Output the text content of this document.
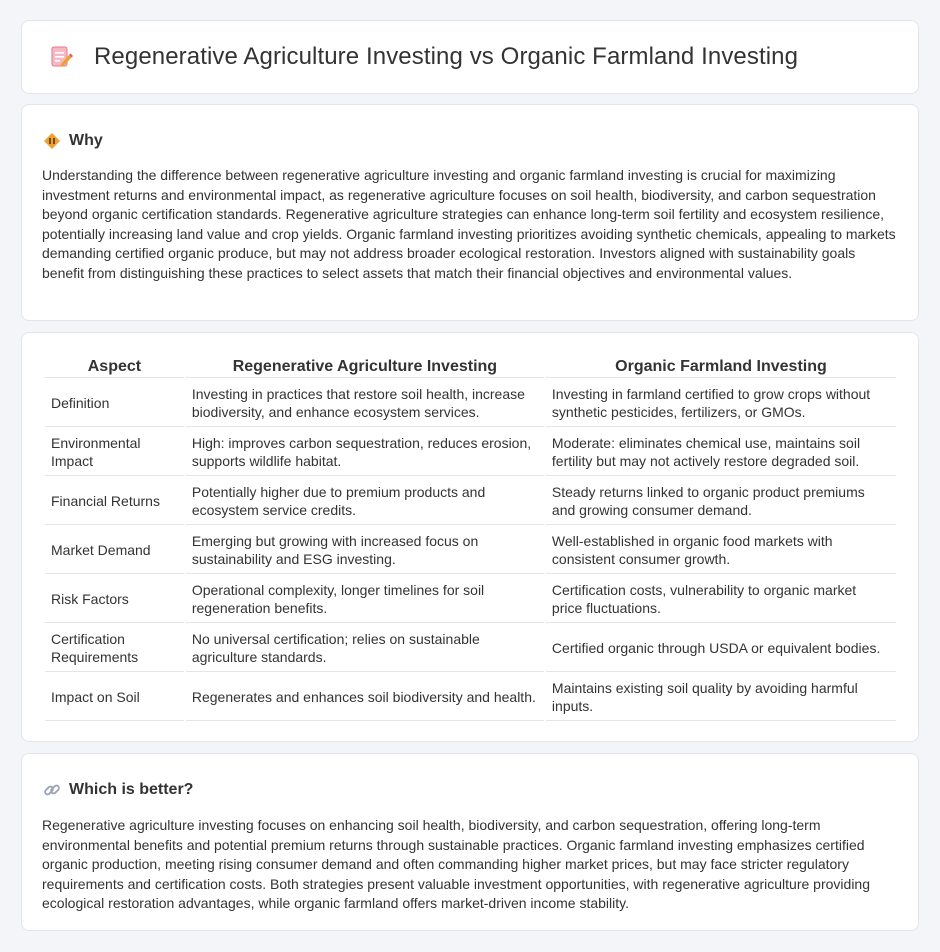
Regenerative Agriculture Investing vs Organic Farmland Investing
Why

Understanding the difference between regenerative agriculture investing and organic farmland investing is crucial for maximizing investment returns and environmental impact, as regenerative agriculture focuses on soil health, biodiversity, and carbon sequestration beyond organic certification standards. Regenerative agriculture strategies can enhance long-term soil fertility and ecosystem resilience, potentially increasing land value and crop yields. Organic farmland investing prioritizes avoiding synthetic chemicals, appealing to markets demanding certified organic produce, but may not address broader ecological restoration. Investors aligned with sustainability goals benefit from distinguishing these practices to select assets that match their financial objectives and environmental values.

Aspect	Regenerative Agriculture Investing	Organic Farmland Investing
Definition	Investing in practices that restore soil health, increase biodiversity, and enhance ecosystem services.	Investing in farmland certified to grow crops without synthetic pesticides, fertilizers, or GMOs.
Environmental Impact	High: improves carbon sequestration, reduces erosion, supports wildlife habitat.	Moderate: eliminates chemical use, maintains soil fertility but may not actively restore degraded soil.
Financial Returns	Potentially higher due to premium products and ecosystem service credits.	Steady returns linked to organic product premiums and growing consumer demand.
Market Demand	Emerging but growing with increased focus on sustainability and ESG investing.	Well-established in organic food markets with consistent consumer growth.
Risk Factors	Operational complexity, longer timelines for soil regeneration benefits.	Certification costs, vulnerability to organic market price fluctuations.
Certification Requirements	No universal certification; relies on sustainable agriculture standards.	Certified organic through USDA or equivalent bodies.
Impact on Soil	Regenerates and enhances soil biodiversity and health.	Maintains existing soil quality by avoiding harmful inputs.
Which is better?

Regenerative agriculture investing focuses on enhancing soil health, biodiversity, and carbon sequestration, offering long-term environmental benefits and potential premium returns through sustainable practices. Organic farmland investing emphasizes certified organic production, meeting rising consumer demand and often commanding higher market prices, but may face stricter regulatory requirements and certification costs. Both strategies present valuable investment opportunities, with regenerative agriculture providing ecological restoration advantages, while organic farmland offers market-driven income stability.
